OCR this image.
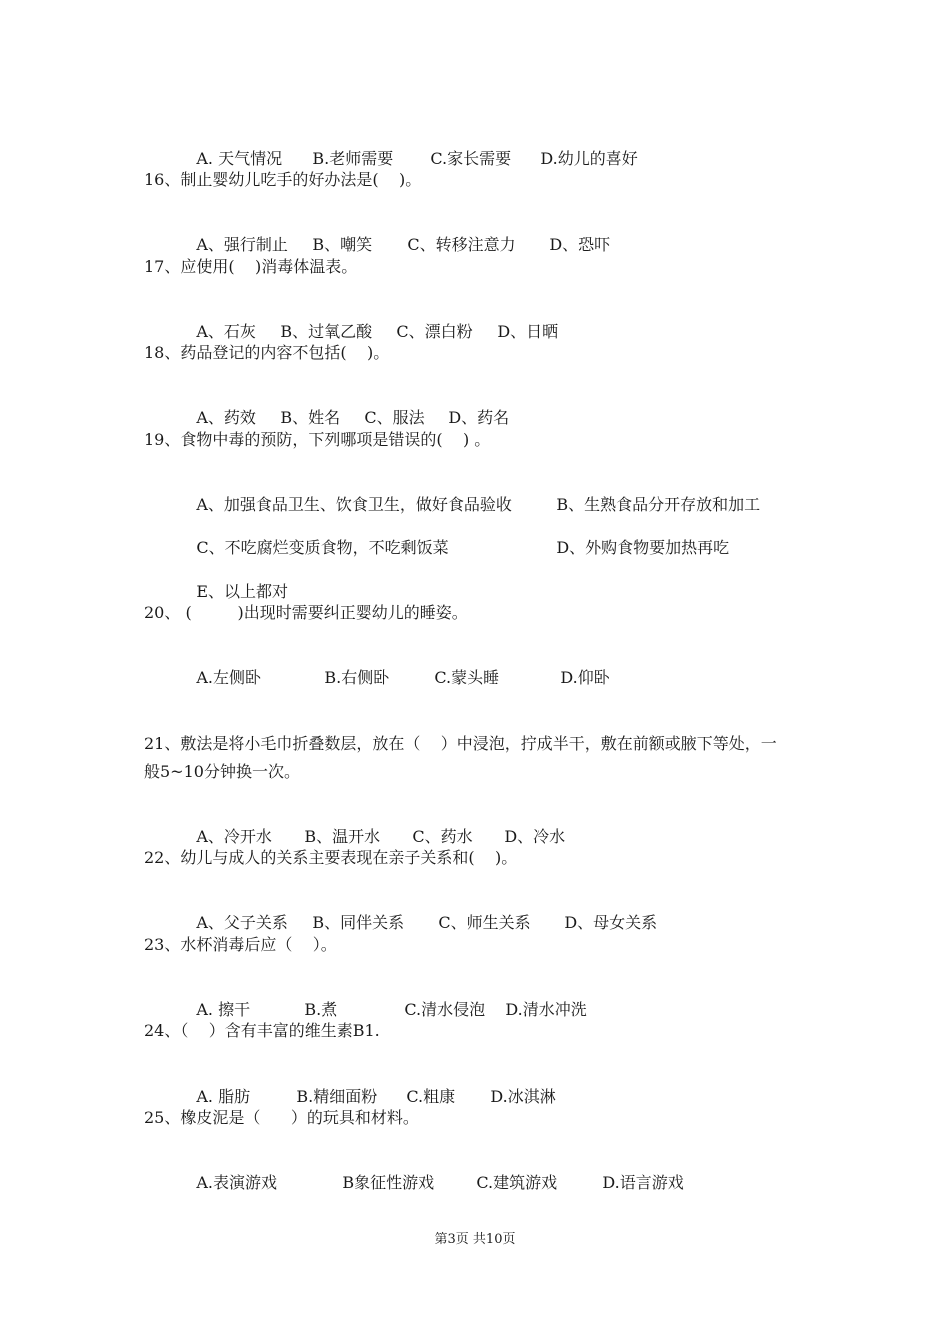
A. 天气情况 B.老师需要 C.家长需要 D.幼儿的喜好

16、制止婴幼儿吃手的好办法是(    )。

A、强行制止 B、嘲笑 C、转移注意力 D、恐吓

17、应使用(    )消毒体温表。

A、石灰 B、过氧乙酸 C、漂白粉 D、日晒

18、药品登记的内容不包括(    )。

A、药效 B、姓名 C、服法 D、药名

19、食物中毒的预防，下列哪项是错误的(    ) 。

A、加强食品卫生、饮食卫生，做好食品验收	B、生熟食品分开存放和加工

C、不吃腐烂变质食物，不吃剩饭菜	D、外购食物要加热再吃

E、以上都对

20、 (         )出现时需要纠正婴幼儿的睡姿。

A.左侧卧	B.右侧卧	C.蒙头睡	D.仰卧

21、敷法是将小毛巾折叠数层，放在（    ）中浸泡，拧成半干，敷在前额或腋下等处，一
般5~10分钟换一次。

A、冷开水 B、温开水 C、药水 D、冷水

22、幼儿与成人的关系主要表现在亲子关系和(    )。

A、父子关系 B、同伴关系 C、师生关系 D、母女关系

23、水杯消毒后应（    ）。

A. 擦干	B.煮	C.清水侵泡 D.清水冲洗

24、（    ）含有丰富的维生素B1.

A. 脂肪	B.精细面粉 C.粗康 D.冰淇淋

25、橡皮泥是（      ）的玩具和材料。

A.表演游戏	B象征性游戏	C.建筑游戏	D.语言游戏

第3页 共10页
